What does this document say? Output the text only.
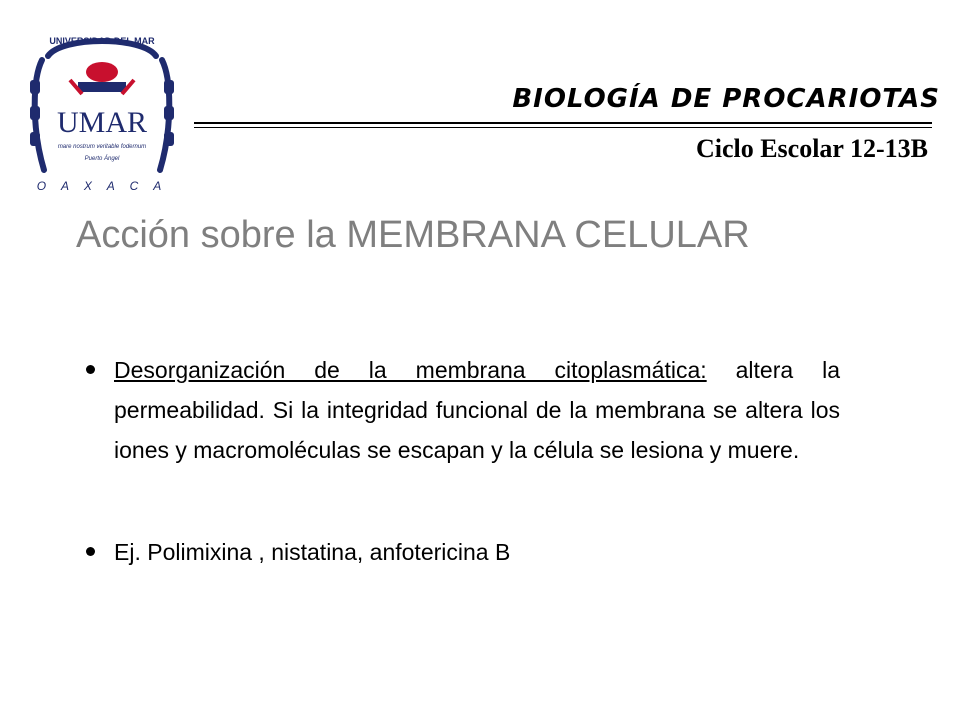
UMAR
mare nostrum veritable fodernum
Puerto Ángel
O A X A C A
UNIVERSIDAD DEL MAR
BIOLOGÍA DE PROCARIOTAS
Ciclo Escolar 12-13B
Acción sobre la MEMBRANA CELULAR
Desorganización de la membrana citoplasmática: altera la permeabilidad. Si la integridad funcional de la membrana se altera los iones y macromoléculas se escapan y la célula se lesiona y muere.
Ej. Polimixina , nistatina, anfotericina B
